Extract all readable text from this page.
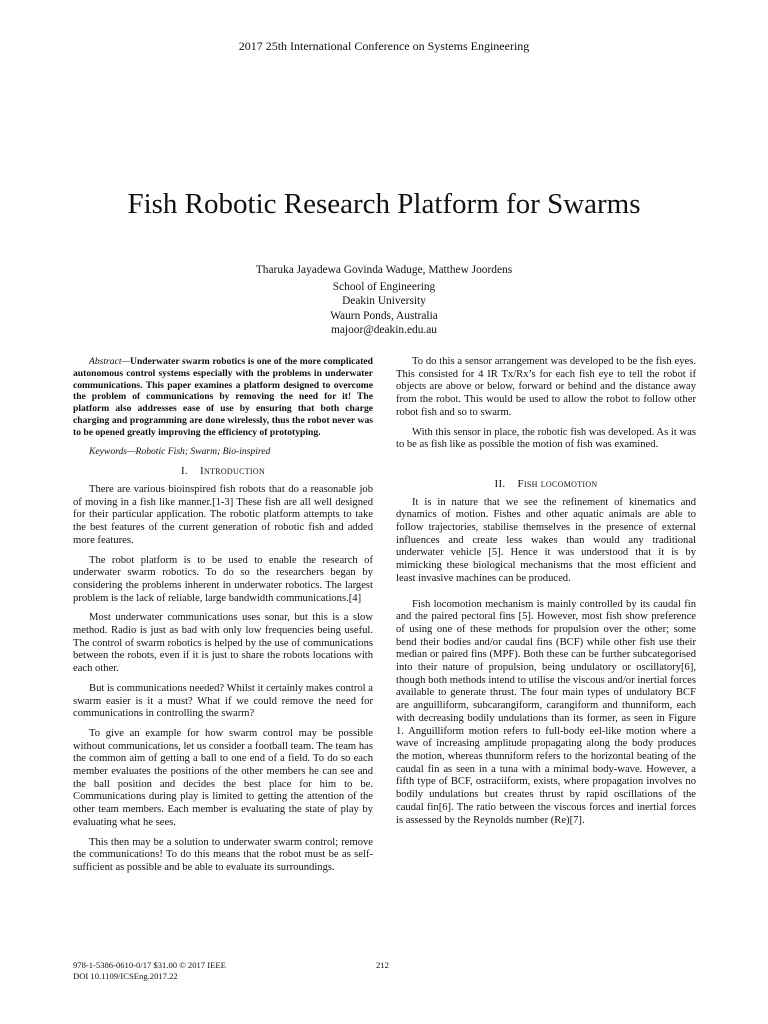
2017 25th International Conference on Systems Engineering
Fish Robotic Research Platform for Swarms
Tharuka Jayadewa Govinda Waduge, Matthew Joordens
School of Engineering
Deakin University
Waurn Ponds, Australia
majoor@deakin.edu.au

Abstract—Underwater swarm robotics is one of the more complicated autonomous control systems especially with the problems in underwater communications. This paper examines a platform designed to overcome the problem of communications by removing the need for it! The platform also addresses ease of use by ensuring that both charge charging and programming are done wirelessly, thus the robot never was to be opened greatly improving the efficiency of prototyping.

Keywords—Robotic Fish; Swarm; Bio-inspired

I. Introduction

There are various bioinspired fish robots that do a reasonable job of moving in a fish like manner.[1-3] These fish are all well designed for their particular application. The robotic platform attempts to take the best features of the current generation of robotic fish and added more features.

The robot platform is to be used to enable the research of underwater swarm robotics. To do so the researchers began by considering the problems inherent in underwater robotics. The largest problem is the lack of reliable, large bandwidth communications.[4]

Most underwater communications uses sonar, but this is a slow method. Radio is just as bad with only low frequencies being useful. The control of swarm robotics is helped by the use of communications between the robots, even if it is just to share the robots locations with each other.

But is communications needed? Whilst it certainly makes control a swarm easier is it a must? What if we could remove the need for communications in controlling the swarm?

To give an example for how swarm control may be possible without communications, let us consider a football team. The team has the common aim of getting a ball to one end of a field. To do so each member evaluates the positions of the other members he can see and the ball position and decides the best place for him to be. Communications during play is limited to getting the attention of the other team members. Each member is evaluating the state of play by evaluating what he sees.

This then may be a solution to underwater swarm control; remove the communications! To do this means that the robot must be as self-sufficient as possible and be able to evaluate its surroundings.

To do this a sensor arrangement was developed to be the fish eyes. This consisted for 4 IR Tx/Rx’s for each fish eye to tell the robot if objects are above or below, forward or behind and the distance away from the robot. This would be used to allow the robot to follow other robot fish and so to swarm.

With this sensor in place, the robotic fish was developed. As it was to be as fish like as possible the motion of fish was examined.

II. Fish locomotion

It is in nature that we see the refinement of kinematics and dynamics of motion. Fishes and other aquatic animals are able to follow trajectories, stabilise themselves in the presence of external influences and create less wakes than would any traditional underwater vehicle [5]. Hence it was understood that it is by mimicking these biological mechanisms that the most efficient and least invasive machines can be produced.

Fish locomotion mechanism is mainly controlled by its caudal fin and the paired pectoral fins [5]. However, most fish show preference of using one of these methods for propulsion over the other; some bend their bodies and/or caudal fins (BCF) while other fish use their median or paired fins (MPF). Both these can be further subcategorised into their nature of propulsion, being undulatory or oscillatory[6], though both methods intend to utilise the viscous and/or inertial forces available to generate thrust. The four main types of undulatory BCF are anguilliform, subcarangiform, carangiform and thunniform, each with decreasing bodily undulations than its former, as seen in Figure 1. Anguilliform motion refers to full-body eel-like motion where a wave of increasing amplitude propagating along the body produces the motion, whereas thunniform refers to the horizontal beating of the caudal fin as seen in a tuna with a minimal body-wave. However, a fifth type of BCF, ostraciiform, exists, where propagation involves no bodily undulations but creates thrust by rapid oscillations of the caudal fin[6]. The ratio between the viscous forces and inertial forces is assessed by the Reynolds number (Re)[7].

978-1-5386-0610-0/17 $31.00 © 2017 IEEE
DOI 10.1109/ICSEng.2017.22
212
